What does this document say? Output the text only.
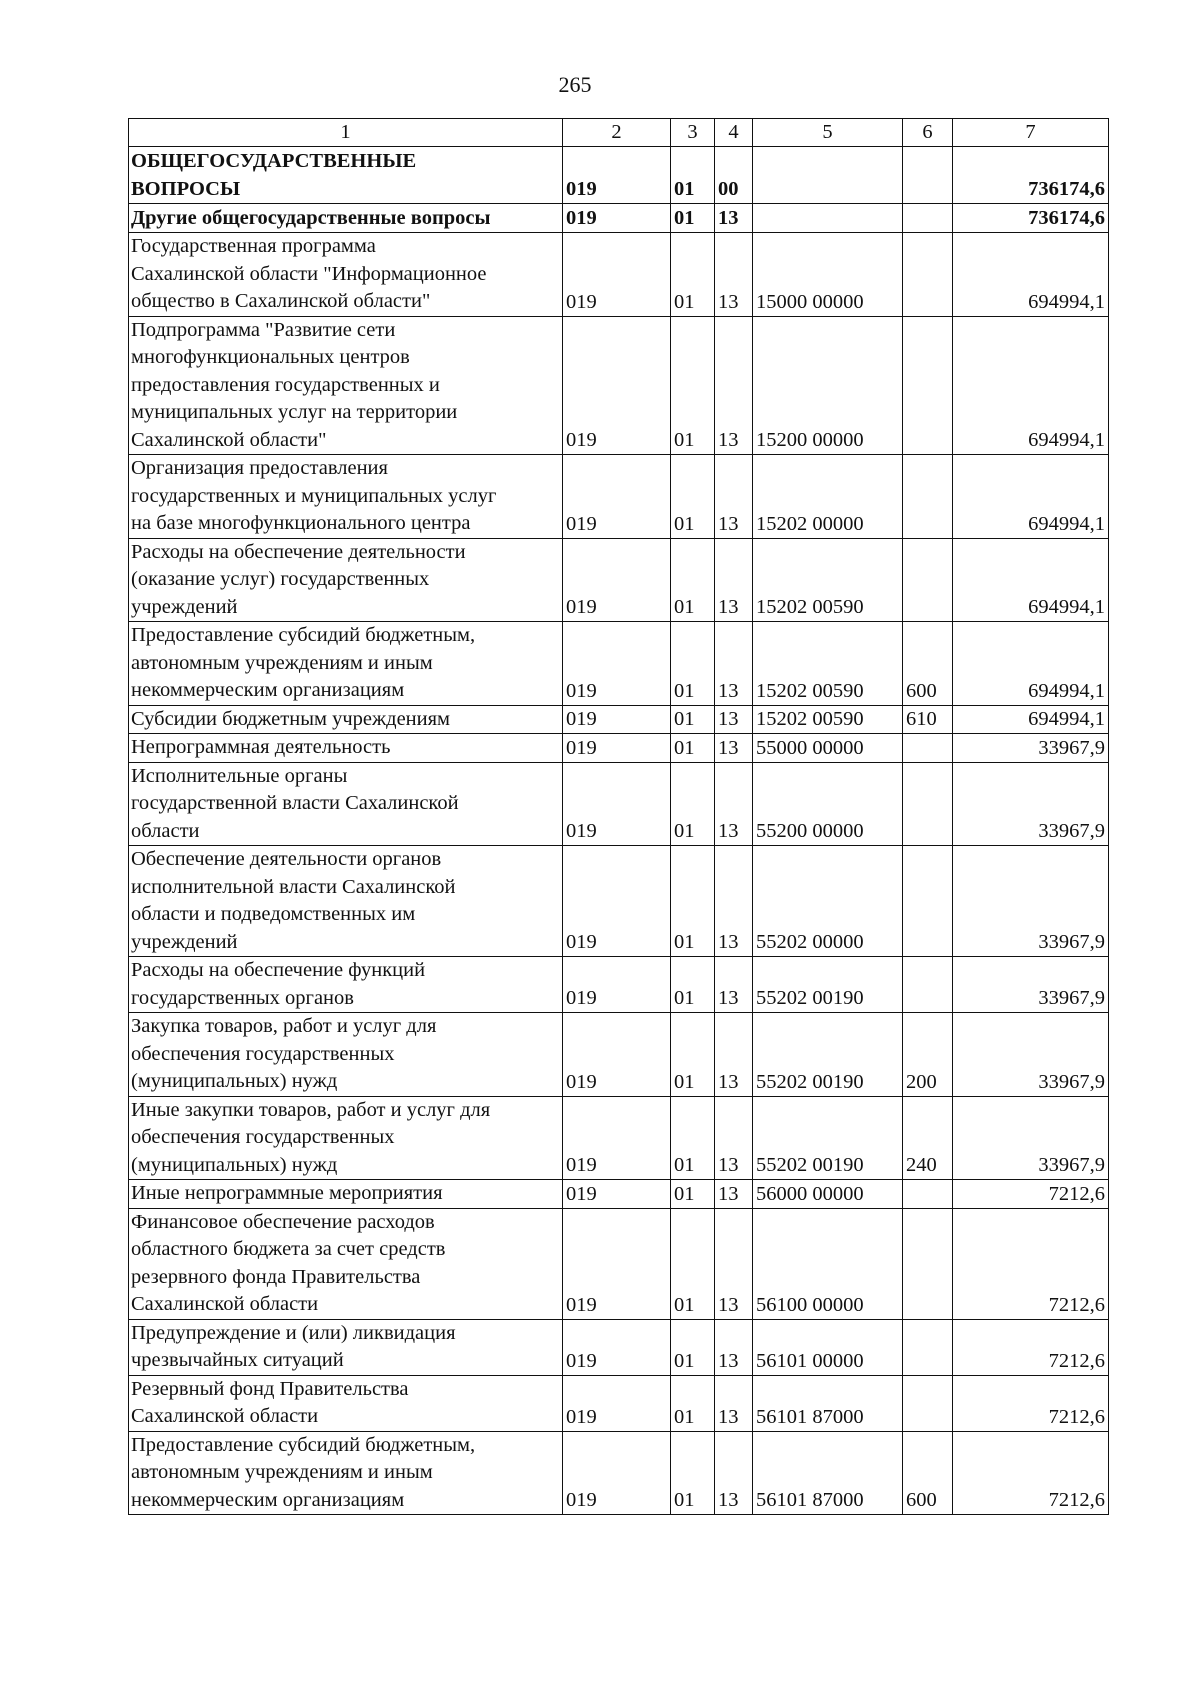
265
1	2	3	4	5	6	7
ОБЩЕГОСУДАРСТВЕННЫЕ
ВОПРОСЫ	019	01	00			736174,6
Другие общегосударственные вопросы	019	01	13			736174,6
Государственная программа
Сахалинской области "Информационное
общество в Сахалинской области"	019	01	13	15000 00000		694994,1
Подпрограмма "Развитие сети
многофункциональных центров
предоставления государственных и
муниципальных услуг на территории
Сахалинской области"	019	01	13	15200 00000		694994,1
Организация предоставления
государственных и муниципальных услуг
на базе многофункционального центра	019	01	13	15202 00000		694994,1
Расходы на обеспечение деятельности
(оказание услуг) государственных
учреждений	019	01	13	15202 00590		694994,1
Предоставление субсидий бюджетным,
автономным учреждениям и иным
некоммерческим организациям	019	01	13	15202 00590	600	694994,1
Субсидии бюджетным учреждениям	019	01	13	15202 00590	610	694994,1
Непрограммная деятельность	019	01	13	55000 00000		33967,9
Исполнительные органы
государственной власти Сахалинской
области	019	01	13	55200 00000		33967,9
Обеспечение деятельности органов
исполнительной власти Сахалинской
области и подведомственных им
учреждений	019	01	13	55202 00000		33967,9
Расходы на обеспечение функций
государственных органов	019	01	13	55202 00190		33967,9
Закупка товаров, работ и услуг для
обеспечения государственных
(муниципальных) нужд	019	01	13	55202 00190	200	33967,9
Иные закупки товаров, работ и услуг для
обеспечения государственных
(муниципальных) нужд	019	01	13	55202 00190	240	33967,9
Иные непрограммные мероприятия	019	01	13	56000 00000		7212,6
Финансовое обеспечение расходов
областного бюджета за счет средств
резервного фонда Правительства
Сахалинской области	019	01	13	56100 00000		7212,6
Предупреждение и (или) ликвидация
чрезвычайных ситуаций	019	01	13	56101 00000		7212,6
Резервный фонд Правительства
Сахалинской области	019	01	13	56101 87000		7212,6
Предоставление субсидий бюджетным,
автономным учреждениям и иным
некоммерческим организациям	019	01	13	56101 87000	600	7212,6
